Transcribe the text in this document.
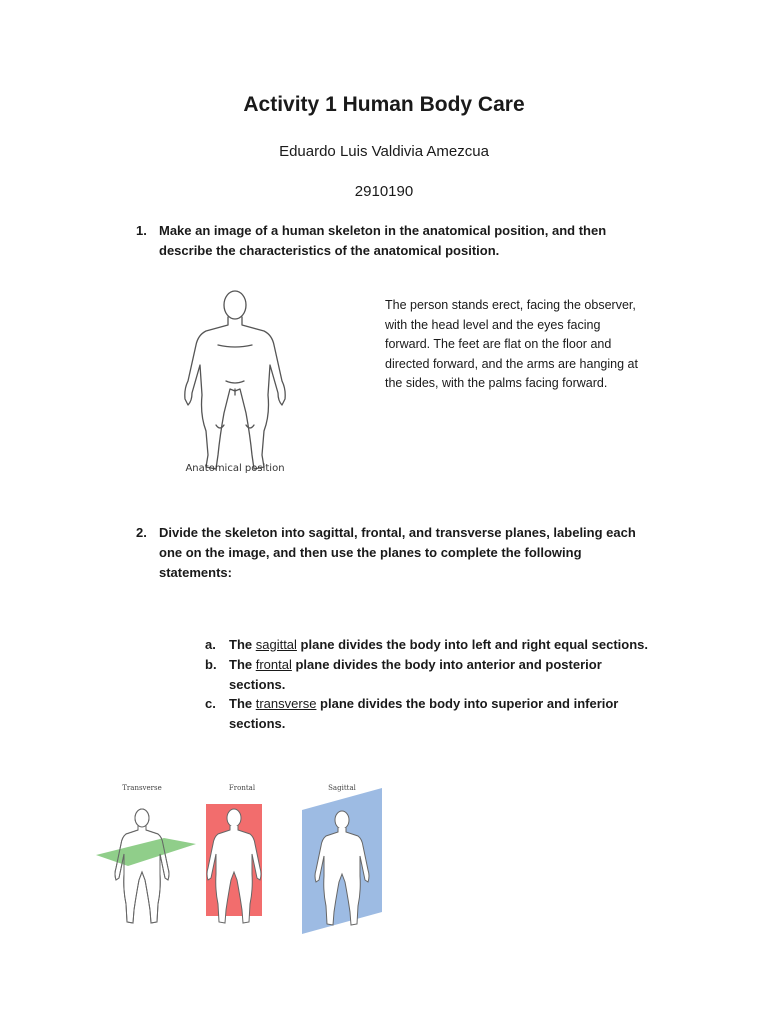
Activity 1 Human Body Care
Eduardo Luis Valdivia Amezcua
2910190
1. Make an image of a human skeleton in the anatomical position, and then
describe the characteristics of the anatomical position.
Anatomical position
The person stands erect, facing the observer,
with the head level and the eyes facing
forward. The feet are flat on the floor and
directed forward, and the arms are hanging at
the sides, with the palms facing forward.
2. Divide the skeleton into sagittal, frontal, and transverse planes, labeling each
one on the image, and then use the planes to complete the following
statements:
a. The sagittal plane divides the body into left and right equal sections.
b. The frontal plane divides the body into anterior and posterior
sections.
c. The transverse plane divides the body into superior and inferior
sections.
Transverse	Frontal	Sagittal
